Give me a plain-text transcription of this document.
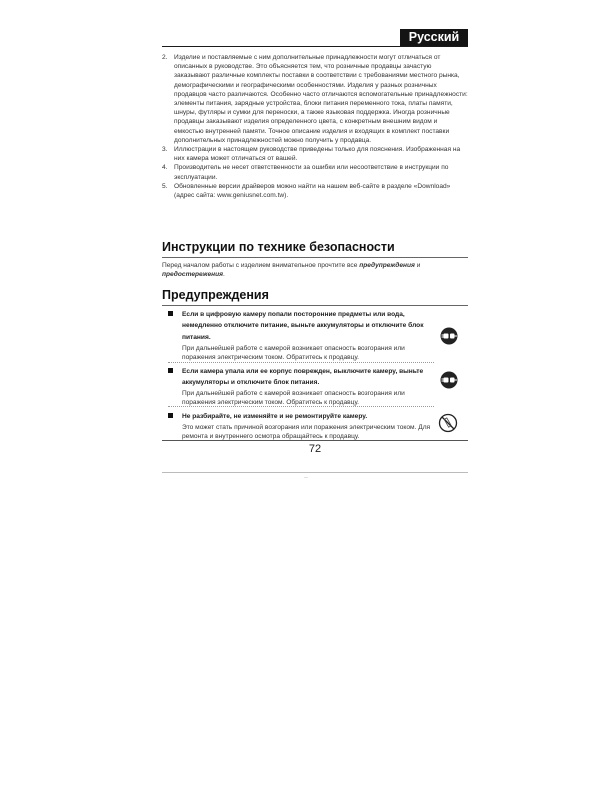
Русский
2. Изделие и поставляемые с ним дополнительные принадлежности могут отличаться от описанных в руководстве. Это объясняется тем, что розничные продавцы зачастую заказывают различные комплекты поставки в соответствии с требованиями местного рынка, демографическими и географическими особенностями. Изделия у разных розничных продавцов часто различаются. Особенно часто отличаются вспомогательные принадлежности: элементы питания, зарядные устройства, блоки питания переменного тока, платы памяти, шнуры, футляры и сумки для переноски, а также языковая поддержка. Иногда розничные продавцы заказывают изделия определенного цвета, с конкретным внешним видом и емкостью внутренней памяти. Точное описание изделия и входящих в комплект поставки дополнительных принадлежностей можно получить у продавца.
3. Иллюстрации в настоящем руководстве приведены только для пояснения. Изображенная на них камера может отличаться от вашей.
4. Производитель не несет ответственности за ошибки или несоответствие в инструкции по эксплуатации.
5. Обновленные версии драйверов можно найти на нашем веб-сайте в разделе «Download» (адрес сайта: www.geniusnet.com.tw).
Инструкции по технике безопасности

Перед началом работы с изделием внимательное прочтите все предупреждения и предостережения.

Предупреждения

Если в цифровую камеру попали посторонние предметы или вода, немедленно отключите питание, выньте аккумуляторы и отключите блок питания.

При дальнейшей работе с камерой возникает опасность возгорания или поражения электрическим током. Обратитесь к продавцу.

Если камера упала или ее корпус поврежден, выключите камеру, выньте аккумуляторы и отключите блок питания.

При дальнейшей работе с камерой возникает опасность возгорания или поражения электрическим током. Обратитесь к продавцу.

Не разбирайте, не изменяйте и не ремонтируйте камеру.

Это может стать причиной возгорания или поражения электрическим током. Для ремонта и внутреннего осмотра обращайтесь к продавцу.

72
—
